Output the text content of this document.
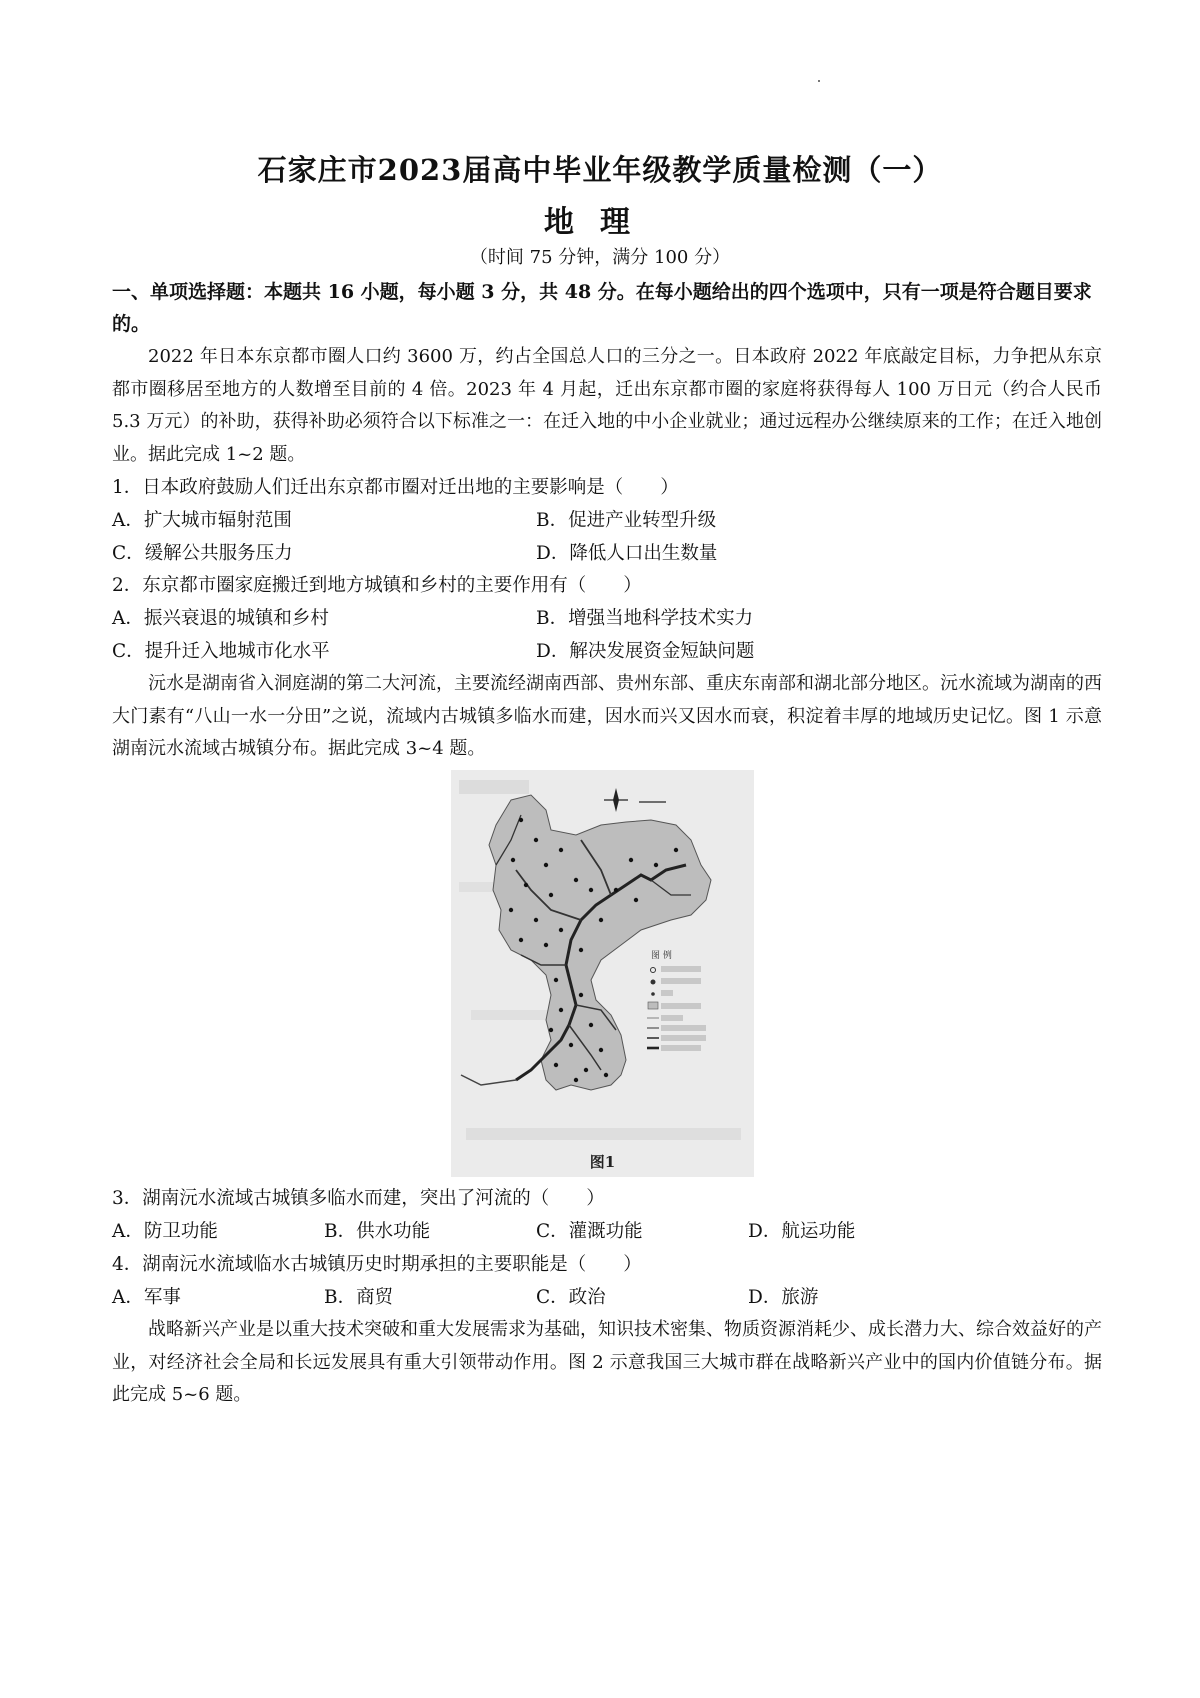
石家庄市2023届高中毕业年级教学质量检测（一）
地理
（时间 75 分钟，满分 100 分）
一、单项选择题：本题共 16 小题，每小题 3 分，共 48 分。在每小题给出的四个选项中，只有一项是符合题目要求的。
2022 年日本东京都市圈人口约 3600 万，约占全国总人口的三分之一。日本政府 2022 年底敲定目标，力争把从东京都市圈移居至地方的人数增至目前的 4 倍。2023 年 4 月起，迁出东京都市圈的家庭将获得每人 100 万日元（约合人民币 5.3 万元）的补助，获得补助必须符合以下标准之一：在迁入地的中小企业就业；通过远程办公继续原来的工作；在迁入地创业。据此完成 1~2 题。
1．日本政府鼓励人们迁出东京都市圈对迁出地的主要影响是（　　）
A．扩大城市辐射范围	B．促进产业转型升级
C．缓解公共服务压力	D．降低人口出生数量
2．东京都市圈家庭搬迁到地方城镇和乡村的主要作用有（　　）
A．振兴衰退的城镇和乡村	B．增强当地科学技术实力
C．提升迁入地城市化水平	D．解决发展资金短缺问题
沅水是湖南省入洞庭湖的第二大河流，主要流经湖南西部、贵州东部、重庆东南部和湖北部分地区。沅水流域为湖南的西大门素有“八山一水一分田”之说，流域内古城镇多临水而建，因水而兴又因水而衰，积淀着丰厚的地域历史记忆。图 1 示意湖南沅水流域古城镇分布。据此完成 3~4 题。
图 例
图1
3．湖南沅水流域古城镇多临水而建，突出了河流的（　　）
A．防卫功能	B．供水功能	C．灌溉功能	D．航运功能
4．湖南沅水流域临水古城镇历史时期承担的主要职能是（　　）
A．军事	B．商贸	C．政治	D．旅游
战略新兴产业是以重大技术突破和重大发展需求为基础，知识技术密集、物质资源消耗少、成长潜力大、综合效益好的产业，对经济社会全局和长远发展具有重大引领带动作用。图 2 示意我国三大城市群在战略新兴产业中的国内价值链分布。据此完成 5~6 题。
